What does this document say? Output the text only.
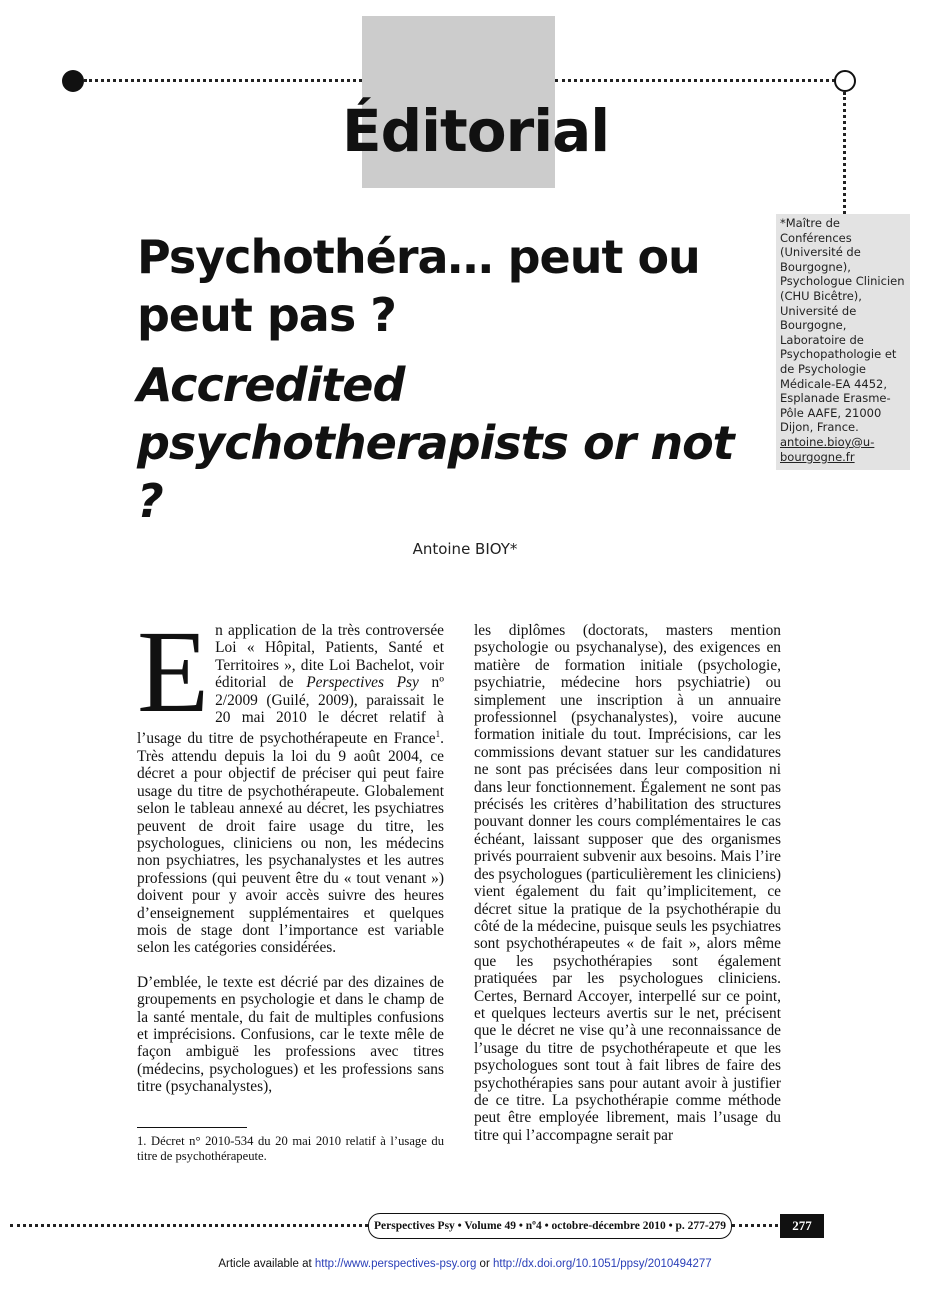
Éditorial
*Maître de Conférences (Université de Bourgogne), Psychologue Clinicien (CHU Bicêtre), Université de Bourgogne, Laboratoire de Psychopathologie et de Psychologie Médicale-EA 4452, Esplanade Erasme-Pôle AAFE, 21000 Dijon, France. antoine.bioy@u-bourgogne.fr
Psychothéra… peut ou peut pas ?
Accredited psychotherapists or not ?
Antoine BIOY*

En application de la très controversée Loi « Hôpital, Patients, Santé et Territoires », dite Loi Bachelot, voir éditorial de Perspectives Psy nº 2/2009 (Guilé, 2009), paraissait le 20 mai 2010 le décret relatif à l’usage du titre de psychothérapeute en France$^1$. Très attendu depuis la loi du 9 août 2004, ce décret a pour objectif de préciser qui peut faire usage du titre de psychothérapeute. Globalement selon le tableau annexé au décret, les psychiatres peuvent de droit faire usage du titre, les psychologues, cliniciens ou non, les médecins non psychiatres, les psychanalystes et les autres professions (qui peuvent être du « tout venant ») doivent pour y avoir accès suivre des heures d’enseignement supplémentaires et quelques mois de stage dont l’importance est variable selon les catégories considérées.

D’emblée, le texte est décrié par des dizaines de groupements en psychologie et dans le champ de la santé mentale, du fait de multiples confusions et imprécisions. Confusions, car le texte mêle de façon ambiguë les professions avec titres (médecins, psychologues) et les professions sans titre (psychanalystes),

les diplômes (doctorats, masters mention psychologie ou psychanalyse), des exigences en matière de formation initiale (psychologie, psychiatrie, médecine hors psychiatrie) ou simplement une inscription à un annuaire professionnel (psychanalystes), voire aucune formation initiale du tout. Imprécisions, car les commissions devant statuer sur les candidatures ne sont pas précisées dans leur composition ni dans leur fonctionnement. Également ne sont pas précisés les critères d’habilitation des structures pouvant donner les cours complémentaires le cas échéant, laissant supposer que des organismes privés pourraient subvenir aux besoins. Mais l’ire des psychologues (particulièrement les cliniciens) vient également du fait qu’implicitement, ce décret situe la pratique de la psychothérapie du côté de la médecine, puisque seuls les psychiatres sont psychothérapeutes « de fait », alors même que les psychothérapies sont également pratiquées par les psychologues cliniciens. Certes, Bernard Accoyer, interpellé sur ce point, et quelques lecteurs avertis sur le net, précisent que le décret ne vise qu’à une reconnaissance de l’usage du titre de psychothérapeute et que les psychologues sont tout à fait libres de faire des psychothérapies sans pour autant avoir à justifier de ce titre. La psychothérapie comme méthode peut être employée librement, mais l’usage du titre qui l’accompagne serait par

1. Décret n° 2010-534 du 20 mai 2010 relatif à l’usage du titre de psychothérapeute.
Perspectives Psy • Volume 49 • nº4 • octobre-décembre 2010 • p. 277-279	277
Article available at http://www.perspectives-psy.org or http://dx.doi.org/10.1051/ppsy/2010494277
